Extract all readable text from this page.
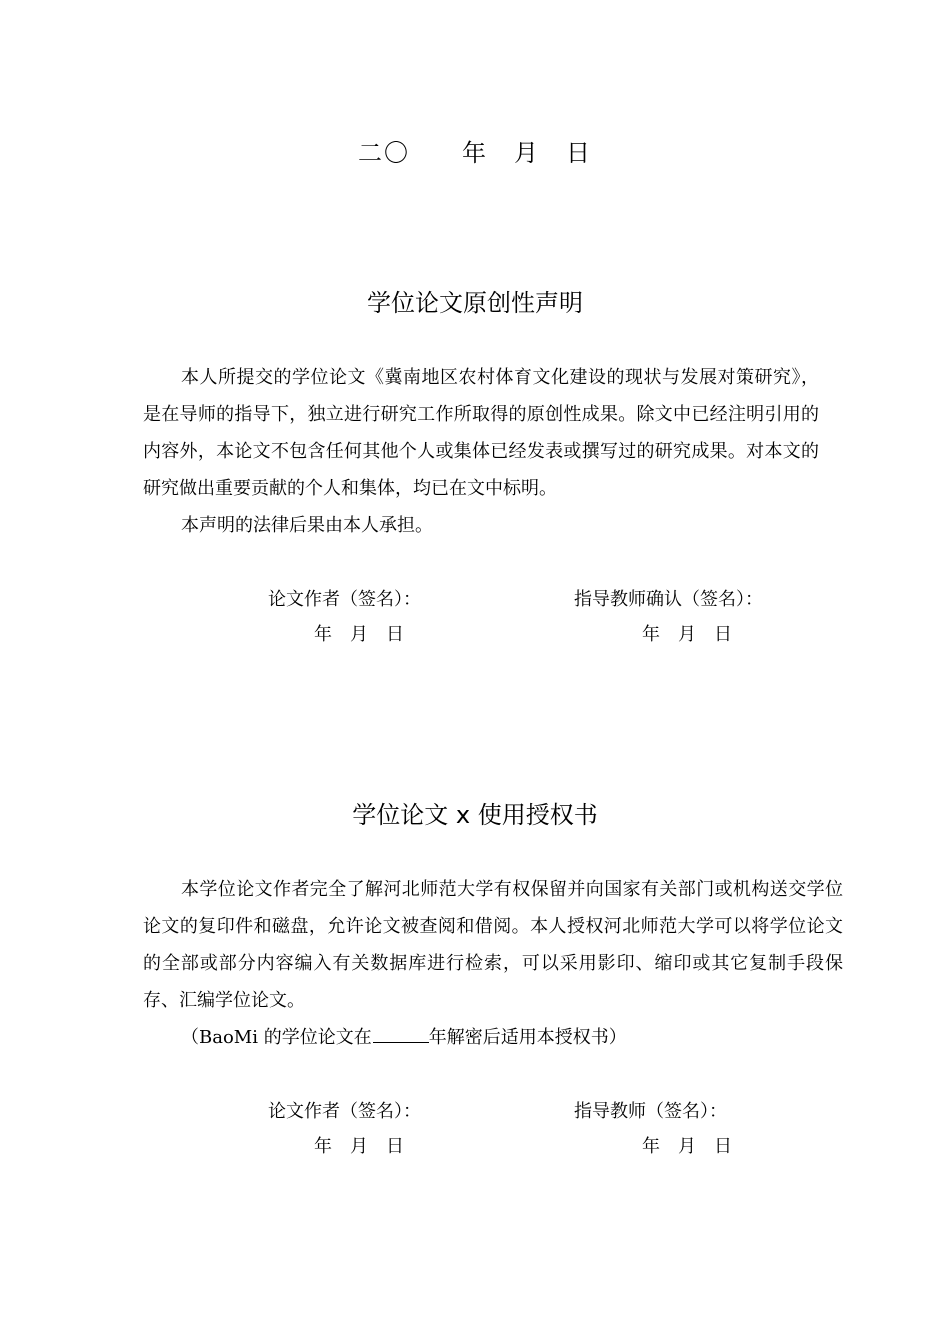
二〇　　年　月　日
学位论文原创性声明
本人所提交的学位论文《冀南地区农村体育文化建设的现状与发展对策研究》，是在导师的指导下，独立进行研究工作所取得的原创性成果。除文中已经注明引用的内容外，本论文不包含任何其他个人或集体已经发表或撰写过的研究成果。对本文的研究做出重要贡献的个人和集体，均已在文中标明。
本声明的法律后果由本人承担。
论文作者（签名）：	指导教师确认（签名）：
年　月　日	年　月　日
学位论文 x 使用授权书
本学位论文作者完全了解河北师范大学有权保留并向国家有关部门或机构送交学位论文的复印件和磁盘，允许论文被查阅和借阅。本人授权河北师范大学可以将学位论文的全部或部分内容编入有关数据库进行检索，可以采用影印、缩印或其它复制手段保存、汇编学位论文。
（BaoMi 的学位论文在	年解密后适用本授权书）
论文作者（签名）：	指导教师（签名）：
年　月　日	年　月　日
